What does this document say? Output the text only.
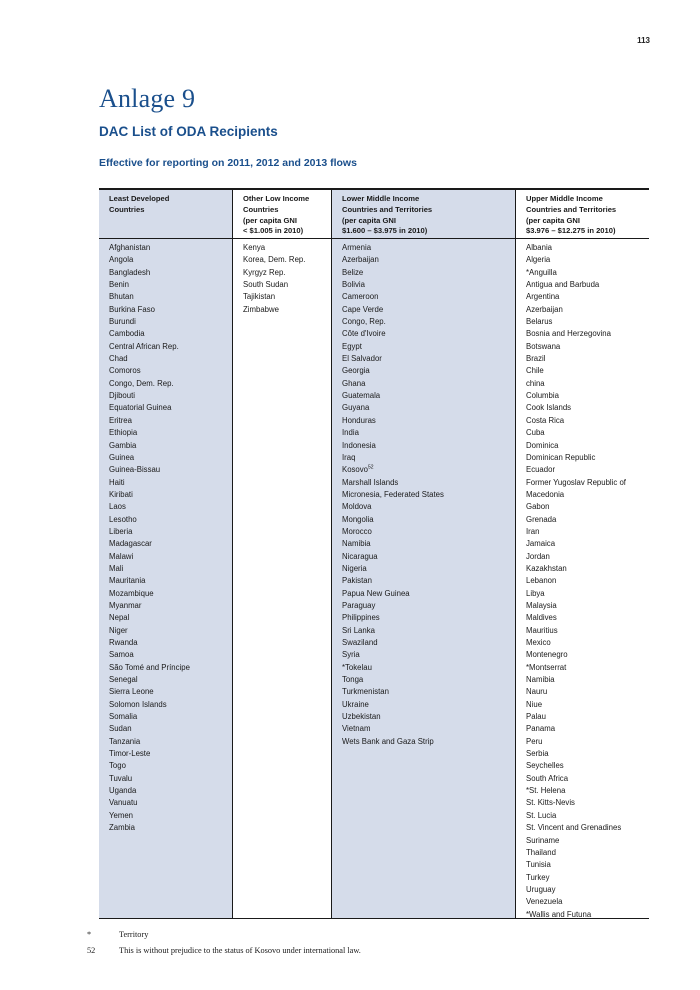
113
Anlage 9
DAC List of ODA Recipients
Effective for reporting on 2011, 2012 and 2013 flows
Least Developed
Countries
Afghanistan
Angola
Bangladesh
Benin
Bhutan
Burkina Faso
Burundi
Cambodia
Central African Rep.
Chad
Comoros
Congo, Dem. Rep.
Djibouti
Equatorial Guinea
Eritrea
Ethiopia
Gambia
Guinea
Guinea-Bissau
Haiti
Kiribati
Laos
Lesotho
Liberia
Madagascar
Malawi
Mali
Mauritania
Mozambique
Myanmar
Nepal
Niger
Rwanda
Samoa
São Tomé and Príncipe
Senegal
Sierra Leone
Solomon Islands
Somalia
Sudan
Tanzania
Timor-Leste
Togo
Tuvalu
Uganda
Vanuatu
Yemen
Zambia
Other Low Income
Countries
(per capita GNI
< $1.005 in 2010)
Kenya
Korea, Dem. Rep.
Kyrgyz Rep.
South Sudan
Tajikistan
Zimbabwe
Lower Middle Income
Countries and Territories
(per capita GNI
$1.600 – $3.975 in 2010)
Armenia
Azerbaijan
Belize
Bolivia
Cameroon
Cape Verde
Congo, Rep.
Côte d'Ivoire
Egypt
El Salvador
Georgia
Ghana
Guatemala
Guyana
Honduras
India
Indonesia
Iraq
Kosovo$^{52}$
Marshall Islands
Micronesia, Federated States
Moldova
Mongolia
Morocco
Namibia
Nicaragua
Nigeria
Pakistan
Papua New Guinea
Paraguay
Philippines
Sri Lanka
Swaziland
Syria
*Tokelau
Tonga
Turkmenistan
Ukraine
Uzbekistan
Vietnam
Wets Bank and Gaza Strip
Upper Middle Income
Countries and Territories
(per capita GNI
$3.976 – $12.275 in 2010)
Albania
Algeria
*Anguilla
Antigua and Barbuda
Argentina
Azerbaijan
Belarus
Bosnia and Herzegovina
Botswana
Brazil
Chile
china
Columbia
Cook Islands
Costa Rica
Cuba
Dominica
Dominican Republic
Ecuador
Former Yugoslav Republic of
Macedonia
Gabon
Grenada
Iran
Jamaica
Jordan
Kazakhstan
Lebanon
Libya
Malaysia
Maldives
Mauritius
Mexico
Montenegro
*Montserrat
Namibia
Nauru
Niue
Palau
Panama
Peru
Serbia
Seychelles
South Africa
*St. Helena
St. Kitts-Nevis
St. Lucia
St. Vincent and Grenadines
Suriname
Thailand
Tunisia
Turkey
Uruguay
Venezuela
*Wallis and Futuna
*	Territory
52	This is without prejudice to the status of Kosovo under international law.
